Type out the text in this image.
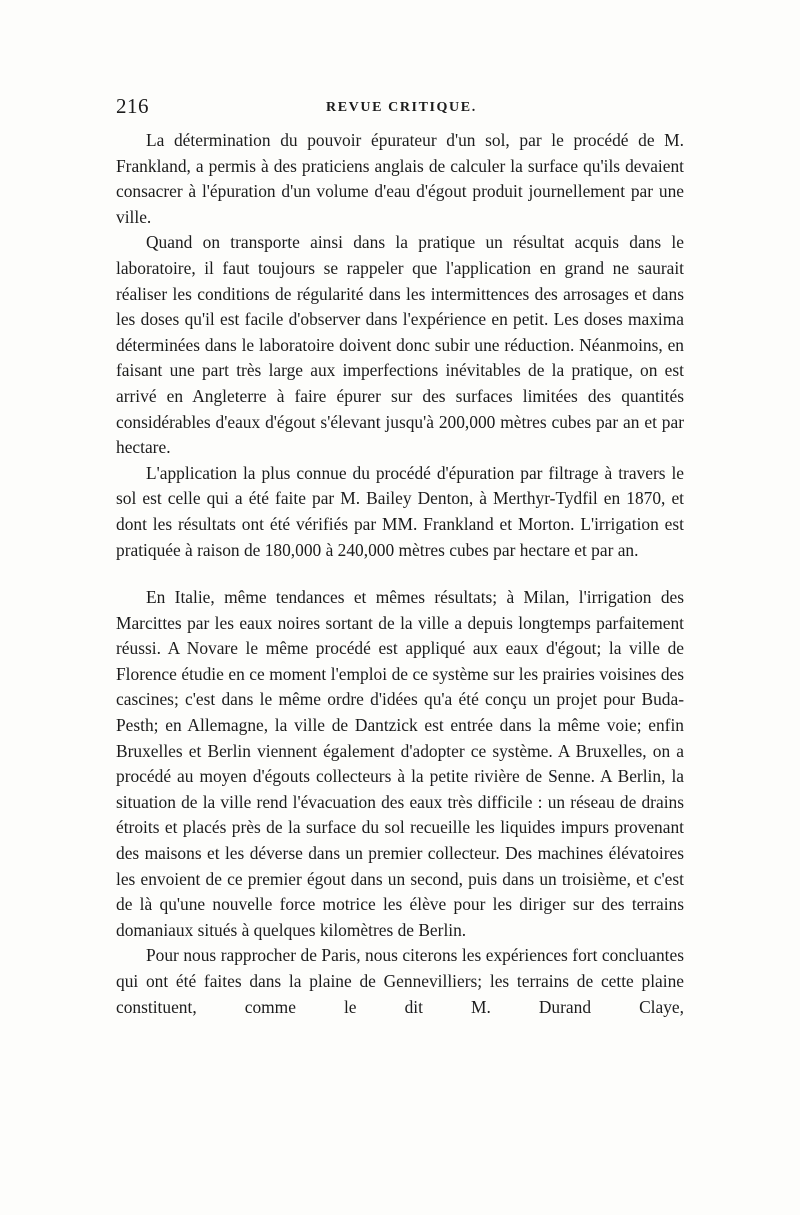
216	REVUE CRITIQUE.

La détermination du pouvoir épurateur d'un sol, par le procédé de M. Frankland, a permis à des praticiens anglais de calculer la surface qu'ils devaient consacrer à l'épuration d'un volume d'eau d'égout produit journellement par une ville.

Quand on transporte ainsi dans la pratique un résultat acquis dans le laboratoire, il faut toujours se rappeler que l'application en grand ne saurait réaliser les conditions de régularité dans les intermittences des arrosages et dans les doses qu'il est facile d'observer dans l'expérience en petit. Les doses maxima déterminées dans le laboratoire doivent donc subir une réduction. Néanmoins, en faisant une part très large aux imperfections inévitables de la pratique, on est arrivé en Angleterre à faire épurer sur des surfaces limitées des quantités considérables d'eaux d'égout s'élevant jusqu'à 200,000 mètres cubes par an et par hectare.

L'application la plus connue du procédé d'épuration par filtrage à travers le sol est celle qui a été faite par M. Bailey Denton, à Merthyr-Tydfil en 1870, et dont les résultats ont été vérifiés par MM. Frankland et Morton. L'irrigation est pratiquée à raison de 180,000 à 240,000 mètres cubes par hectare et par an.

En Italie, même tendances et mêmes résultats; à Milan, l'irrigation des Marcittes par les eaux noires sortant de la ville a depuis longtemps parfaitement réussi. A Novare le même procédé est appliqué aux eaux d'égout; la ville de Florence étudie en ce moment l'emploi de ce système sur les prairies voisines des cascines; c'est dans le même ordre d'idées qu'a été conçu un projet pour Buda-Pesth; en Allemagne, la ville de Dantzick est entrée dans la même voie; enfin Bruxelles et Berlin viennent également d'adopter ce système. A Bruxelles, on a procédé au moyen d'égouts collecteurs à la petite rivière de Senne. A Berlin, la situation de la ville rend l'évacuation des eaux très difficile : un réseau de drains étroits et placés près de la surface du sol recueille les liquides impurs provenant des maisons et les déverse dans un premier collecteur. Des machines élévatoires les envoient de ce premier égout dans un second, puis dans un troisième, et c'est de là qu'une nouvelle force motrice les élève pour les diriger sur des terrains domaniaux situés à quelques kilomètres de Berlin.

Pour nous rapprocher de Paris, nous citerons les expériences fort concluantes qui ont été faites dans la plaine de Gennevilliers; les terrains de cette plaine constituent, comme le dit M. Durand Claye,
